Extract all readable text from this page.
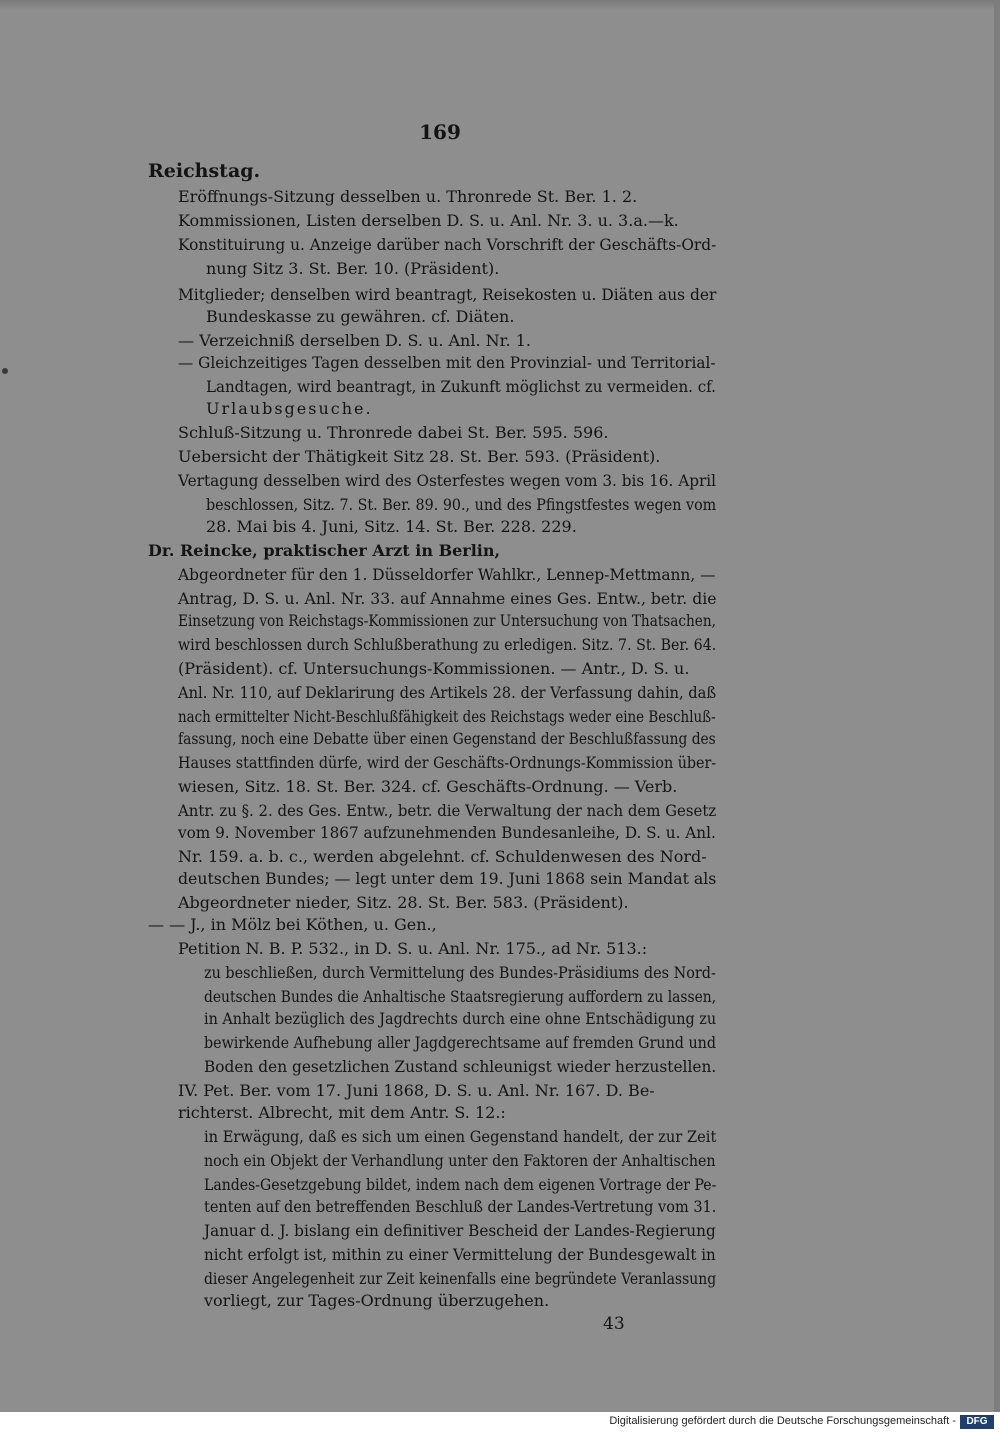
169
Reichstag.
Eröffnungs-Sitzung desselben u. Thronrede St. Ber. 1. 2.
Kommissionen, Listen derselben D. S. u. Anl. Nr. 3. u. 3.a.—k.
Konstituirung u. Anzeige darüber nach Vorschrift der Geschäfts-Ord-
nung Sitz 3. St. Ber. 10. (Präsident).
Mitglieder; denselben wird beantragt, Reisekosten u. Diäten aus der
Bundeskasse zu gewähren. cf. Diäten.
— Verzeichniß derselben D. S. u. Anl. Nr. 1.
— Gleichzeitiges Tagen desselben mit den Provinzial- und Territorial-
Landtagen, wird beantragt, in Zukunft möglichst zu vermeiden. cf.
Urlaubsgesuche.
Schluß-Sitzung u. Thronrede dabei St. Ber. 595. 596.
Uebersicht der Thätigkeit Sitz 28. St. Ber. 593. (Präsident).
Vertagung desselben wird des Osterfestes wegen vom 3. bis 16. April
beschlossen, Sitz. 7. St. Ber. 89. 90., und des Pfingstfestes wegen vom
28. Mai bis 4. Juni, Sitz. 14. St. Ber. 228. 229.
Dr. Reincke, praktischer Arzt in Berlin,
Abgeordneter für den 1. Düsseldorfer Wahlkr., Lennep-Mettmann, —
Antrag, D. S. u. Anl. Nr. 33. auf Annahme eines Ges. Entw., betr. die
Einsetzung von Reichstags-Kommissionen zur Untersuchung von Thatsachen,
wird beschlossen durch Schlußberathung zu erledigen. Sitz. 7. St. Ber. 64.
(Präsident). cf. Untersuchungs-Kommissionen. — Antr., D. S. u.
Anl. Nr. 110, auf Deklarirung des Artikels 28. der Verfassung dahin, daß
nach ermittelter Nicht-Beschlußfähigkeit des Reichstags weder eine Beschluß-
fassung, noch eine Debatte über einen Gegenstand der Beschlußfassung des
Hauses stattfinden dürfe, wird der Geschäfts-Ordnungs-Kommission über-
wiesen, Sitz. 18. St. Ber. 324. cf. Geschäfts-Ordnung. — Verb.
Antr. zu §. 2. des Ges. Entw., betr. die Verwaltung der nach dem Gesetz
vom 9. November 1867 aufzunehmenden Bundesanleihe, D. S. u. Anl.
Nr. 159. a. b. c., werden abgelehnt. cf. Schuldenwesen des Nord-
deutschen Bundes; — legt unter dem 19. Juni 1868 sein Mandat als
Abgeordneter nieder, Sitz. 28. St. Ber. 583. (Präsident).
— — J., in Mölz bei Köthen, u. Gen.,
Petition N. B. P. 532., in D. S. u. Anl. Nr. 175., ad Nr. 513.:
zu beschließen, durch Vermittelung des Bundes-Präsidiums des Nord-
deutschen Bundes die Anhaltische Staatsregierung auffordern zu lassen,
in Anhalt bezüglich des Jagdrechts durch eine ohne Entschädigung zu
bewirkende Aufhebung aller Jagdgerechtsame auf fremden Grund und
Boden den gesetzlichen Zustand schleunigst wieder herzustellen.
IV. Pet. Ber. vom 17. Juni 1868, D. S. u. Anl. Nr. 167. D. Be-
richterst. Albrecht, mit dem Antr. S. 12.:
in Erwägung, daß es sich um einen Gegenstand handelt, der zur Zeit
noch ein Objekt der Verhandlung unter den Faktoren der Anhaltischen
Landes-Gesetzgebung bildet, indem nach dem eigenen Vortrage der Pe-
tenten auf den betreffenden Beschluß der Landes-Vertretung vom 31.
Januar d. J. bislang ein definitiver Bescheid der Landes-Regierung
nicht erfolgt ist, mithin zu einer Vermittelung der Bundesgewalt in
dieser Angelegenheit zur Zeit keinenfalls eine begründete Veranlassung
vorliegt, zur Tages-Ordnung überzugehen.
43
Digitalisierung gefördert durch die Deutsche Forschungsgemeinschaft -	DFG
